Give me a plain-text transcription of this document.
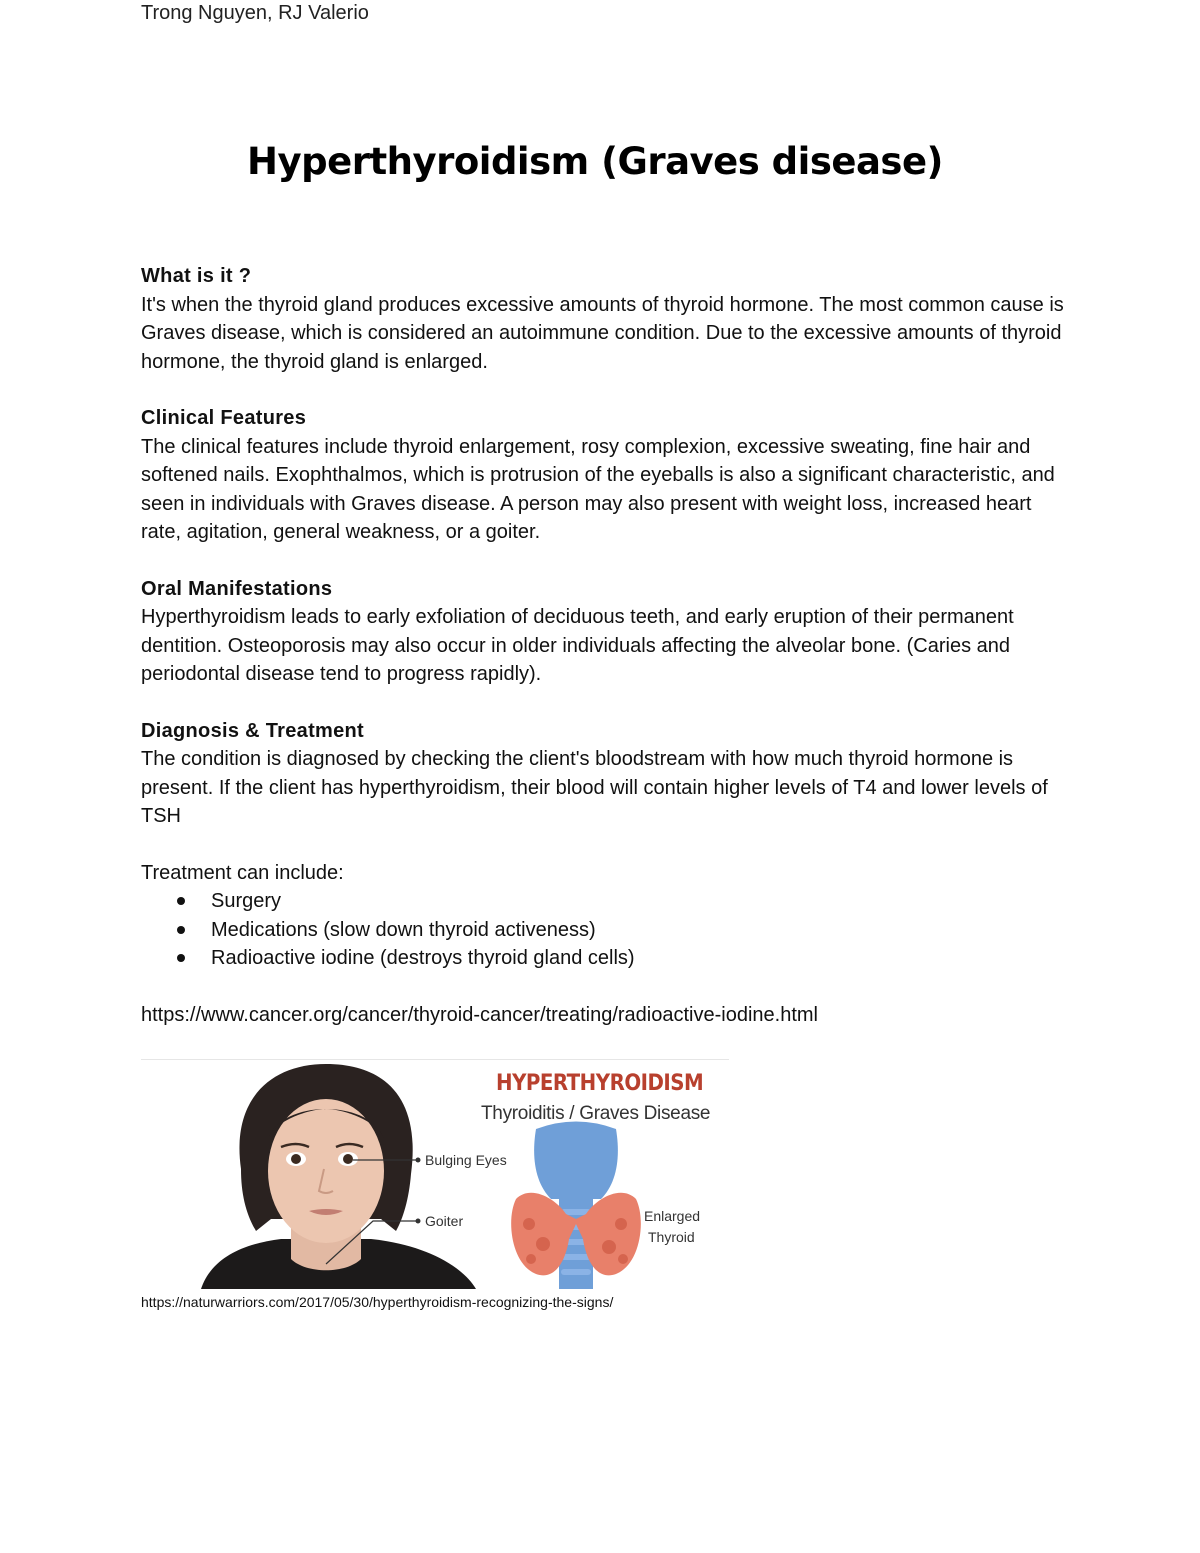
Trong Nguyen, RJ Valerio
Hyperthyroidism (Graves disease)
What is it ?
It's when the thyroid gland produces excessive amounts of thyroid hormone. The most common cause is Graves disease, which is considered an autoimmune condition. Due to the excessive amounts of thyroid hormone, the thyroid gland is enlarged.
Clinical Features
The clinical features include thyroid enlargement, rosy complexion, excessive sweating, fine hair and softened nails. Exophthalmos, which is protrusion of the eyeballs is also a significant characteristic, and seen in individuals with Graves disease. A person may also present with weight loss, increased heart rate, agitation, general weakness, or a goiter.
Oral Manifestations
Hyperthyroidism leads to early exfoliation of deciduous teeth, and early eruption of their permanent dentition. Osteoporosis may also occur in older individuals affecting the alveolar bone. (Caries and periodontal disease tend to progress rapidly).
Diagnosis & Treatment
The condition is diagnosed by checking the client's bloodstream with how much thyroid hormone is present. If the client has hyperthyroidism, their blood will contain higher levels of T4 and lower levels of TSH
Treatment can include:
Surgery
Medications (slow down thyroid activeness)
Radioactive iodine (destroys thyroid gland cells)
https://www.cancer.org/cancer/thyroid-cancer/treating/radioactive-iodine.html
HYPERTHYROIDISM
Thyroiditis / Graves Disease
Bulging Eyes
Goiter	Enlarged
Thyroid
https://naturwarriors.com/2017/05/30/hyperthyroidism-recognizing-the-signs/
